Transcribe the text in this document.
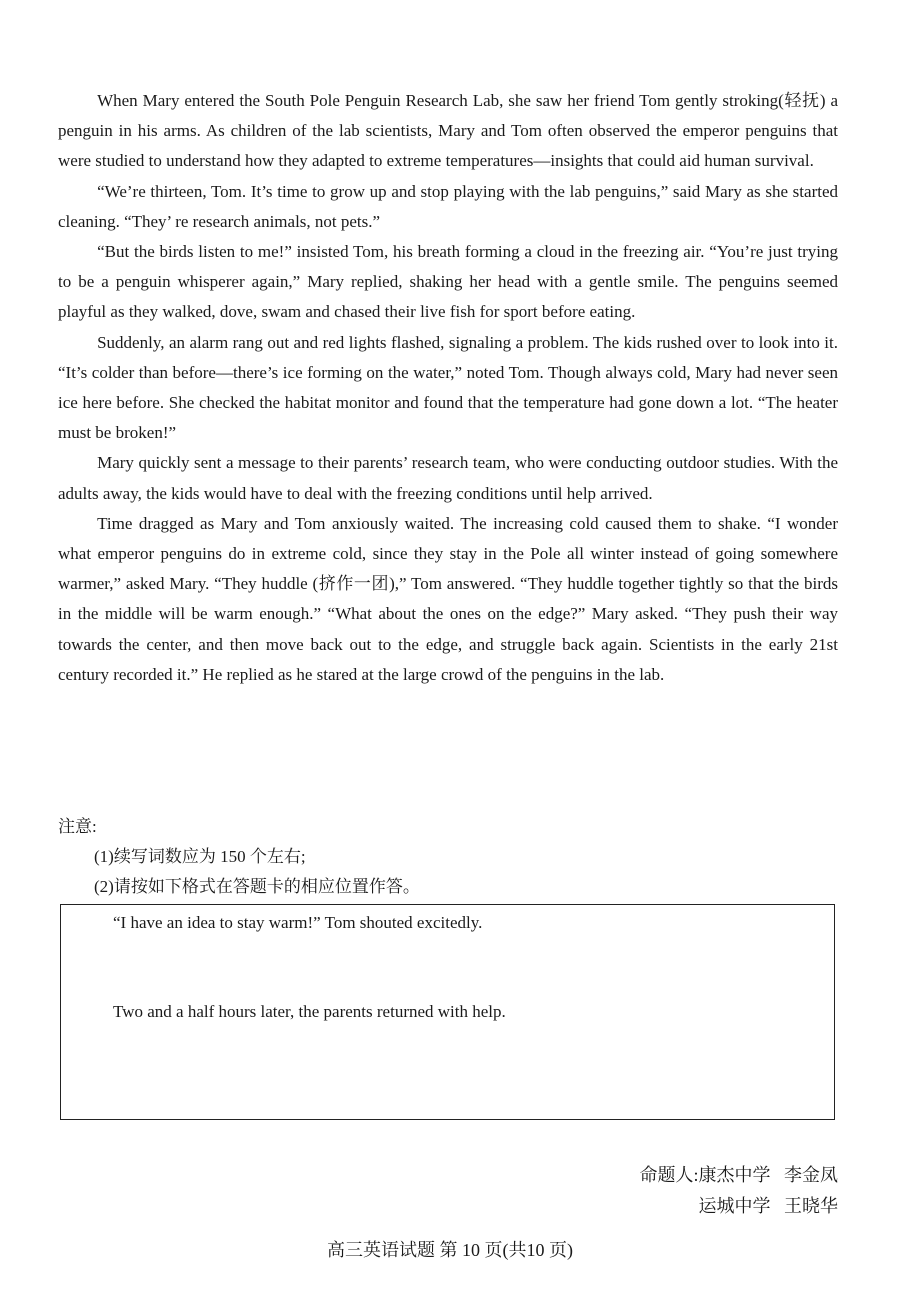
When Mary entered the South Pole Penguin Research Lab, she saw her friend Tom gently stroking(轻抚) a penguin in his arms. As children of the lab scientists, Mary and Tom often observed the emperor penguins that were studied to understand how they adapted to extreme temperatures—insights that could aid human survival.

“We’re thirteen, Tom. It’s time to grow up and stop playing with the lab penguins,” said Mary as she started cleaning. “They’ re research animals, not pets.”

“But the birds listen to me!” insisted Tom, his breath forming a cloud in the freezing air. “You’re just trying to be a penguin whisperer again,” Mary replied, shaking her head with a gentle smile. The penguins seemed playful as they walked, dove, swam and chased their live fish for sport before eating.

Suddenly, an alarm rang out and red lights flashed, signaling a problem. The kids rushed over to look into it. “It’s colder than before—there’s ice forming on the water,” noted Tom. Though always cold, Mary had never seen ice here before. She checked the habitat monitor and found that the temperature had gone down a lot. “The heater must be broken!”

Mary quickly sent a message to their parents’ research team, who were conducting outdoor studies. With the adults away, the kids would have to deal with the freezing conditions until help arrived.

Time dragged as Mary and Tom anxiously waited. The increasing cold caused them to shake. “I wonder what emperor penguins do in extreme cold, since they stay in the Pole all winter instead of going somewhere warmer,” asked Mary. “They huddle (挤作一团),” Tom answered. “They huddle together tightly so that the birds in the middle will be warm enough.” “What about the ones on the edge?” Mary asked. “They push their way towards the center, and then move back out to the edge, and struggle back again. Scientists in the early 21st century recorded it.” He replied as he stared at the large crowd of the penguins in the lab.

注意:
(1)续写词数应为 150 个左右;
(2)请按如下格式在答题卡的相应位置作答。
“I have an idea to stay warm!” Tom shouted excitedly.
Two and a half hours later, the parents returned with help.
命题人:康杰中学   李金凤
运城中学   王晓华
高三英语试题 第 10 页(共10 页)
